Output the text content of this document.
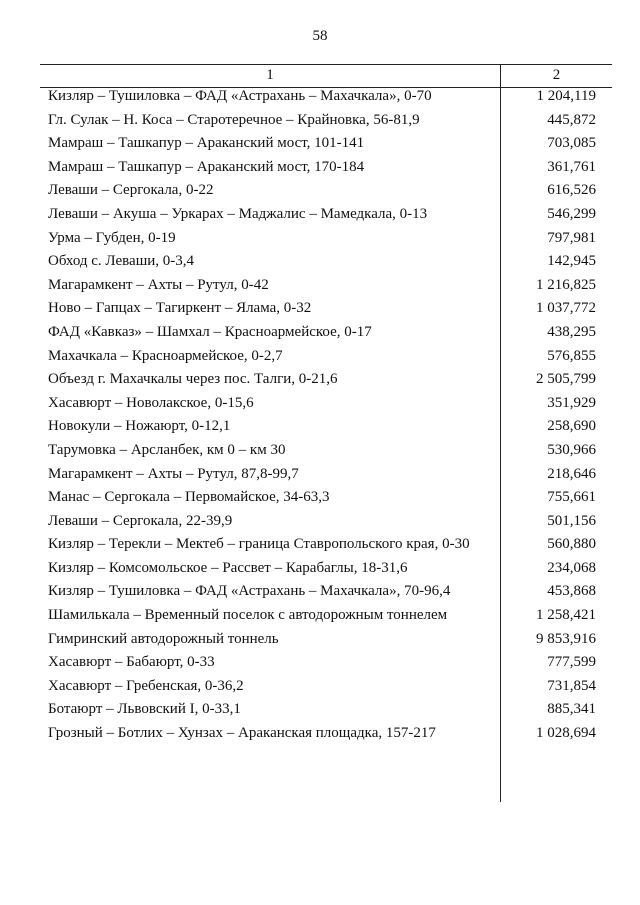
58
1	2
Кизляр – Тушиловка – ФАД «Астрахань – Махачкала», 0-70	1 204,119
Гл. Сулак – Н. Коса – Старотеречное – Крайновка, 56-81,9	445,872
Мамраш – Ташкапур – Араканский мост, 101-141	703,085
Мамраш – Ташкапур – Араканский мост, 170-184	361,761
Леваши – Сергокала, 0-22	616,526
Леваши – Акуша – Уркарах – Маджалис – Мамедкала, 0-13	546,299
Урма – Губден, 0-19	797,981
Обход с. Леваши, 0-3,4	142,945
Магарамкент – Ахты – Рутул, 0-42	1 216,825
Ново – Гапцах – Тагиркент – Ялама, 0-32	1 037,772
ФАД «Кавказ» – Шамхал – Красноармейское, 0-17	438,295
Махачкала – Красноармейское, 0-2,7	576,855
Объезд г. Махачкалы через пос. Талги, 0-21,6	2 505,799
Хасавюрт – Новолакское, 0-15,6	351,929
Новокули – Ножаюрт, 0-12,1	258,690
Тарумовка – Арсланбек, км 0 – км 30	530,966
Магарамкент – Ахты – Рутул, 87,8-99,7	218,646
Манас – Сергокала – Первомайское, 34-63,3	755,661
Леваши – Сергокала, 22-39,9	501,156
Кизляр – Терекли – Мектеб – граница Ставропольского края, 0-30	560,880
Кизляр – Комсомольское – Рассвет – Карабаглы, 18-31,6	234,068
Кизляр – Тушиловка – ФАД «Астрахань – Махачкала», 70-96,4	453,868
Шамилькала – Временный поселок с автодорожным тоннелем	1 258,421
Гимринский автодорожный тоннель	9 853,916
Хасавюрт – Бабаюрт, 0-33	777,599
Хасавюрт – Гребенская, 0-36,2	731,854
Ботаюрт – Львовский I, 0-33,1	885,341
Грозный – Ботлих – Хунзах – Араканская площадка, 157-217	1 028,694
